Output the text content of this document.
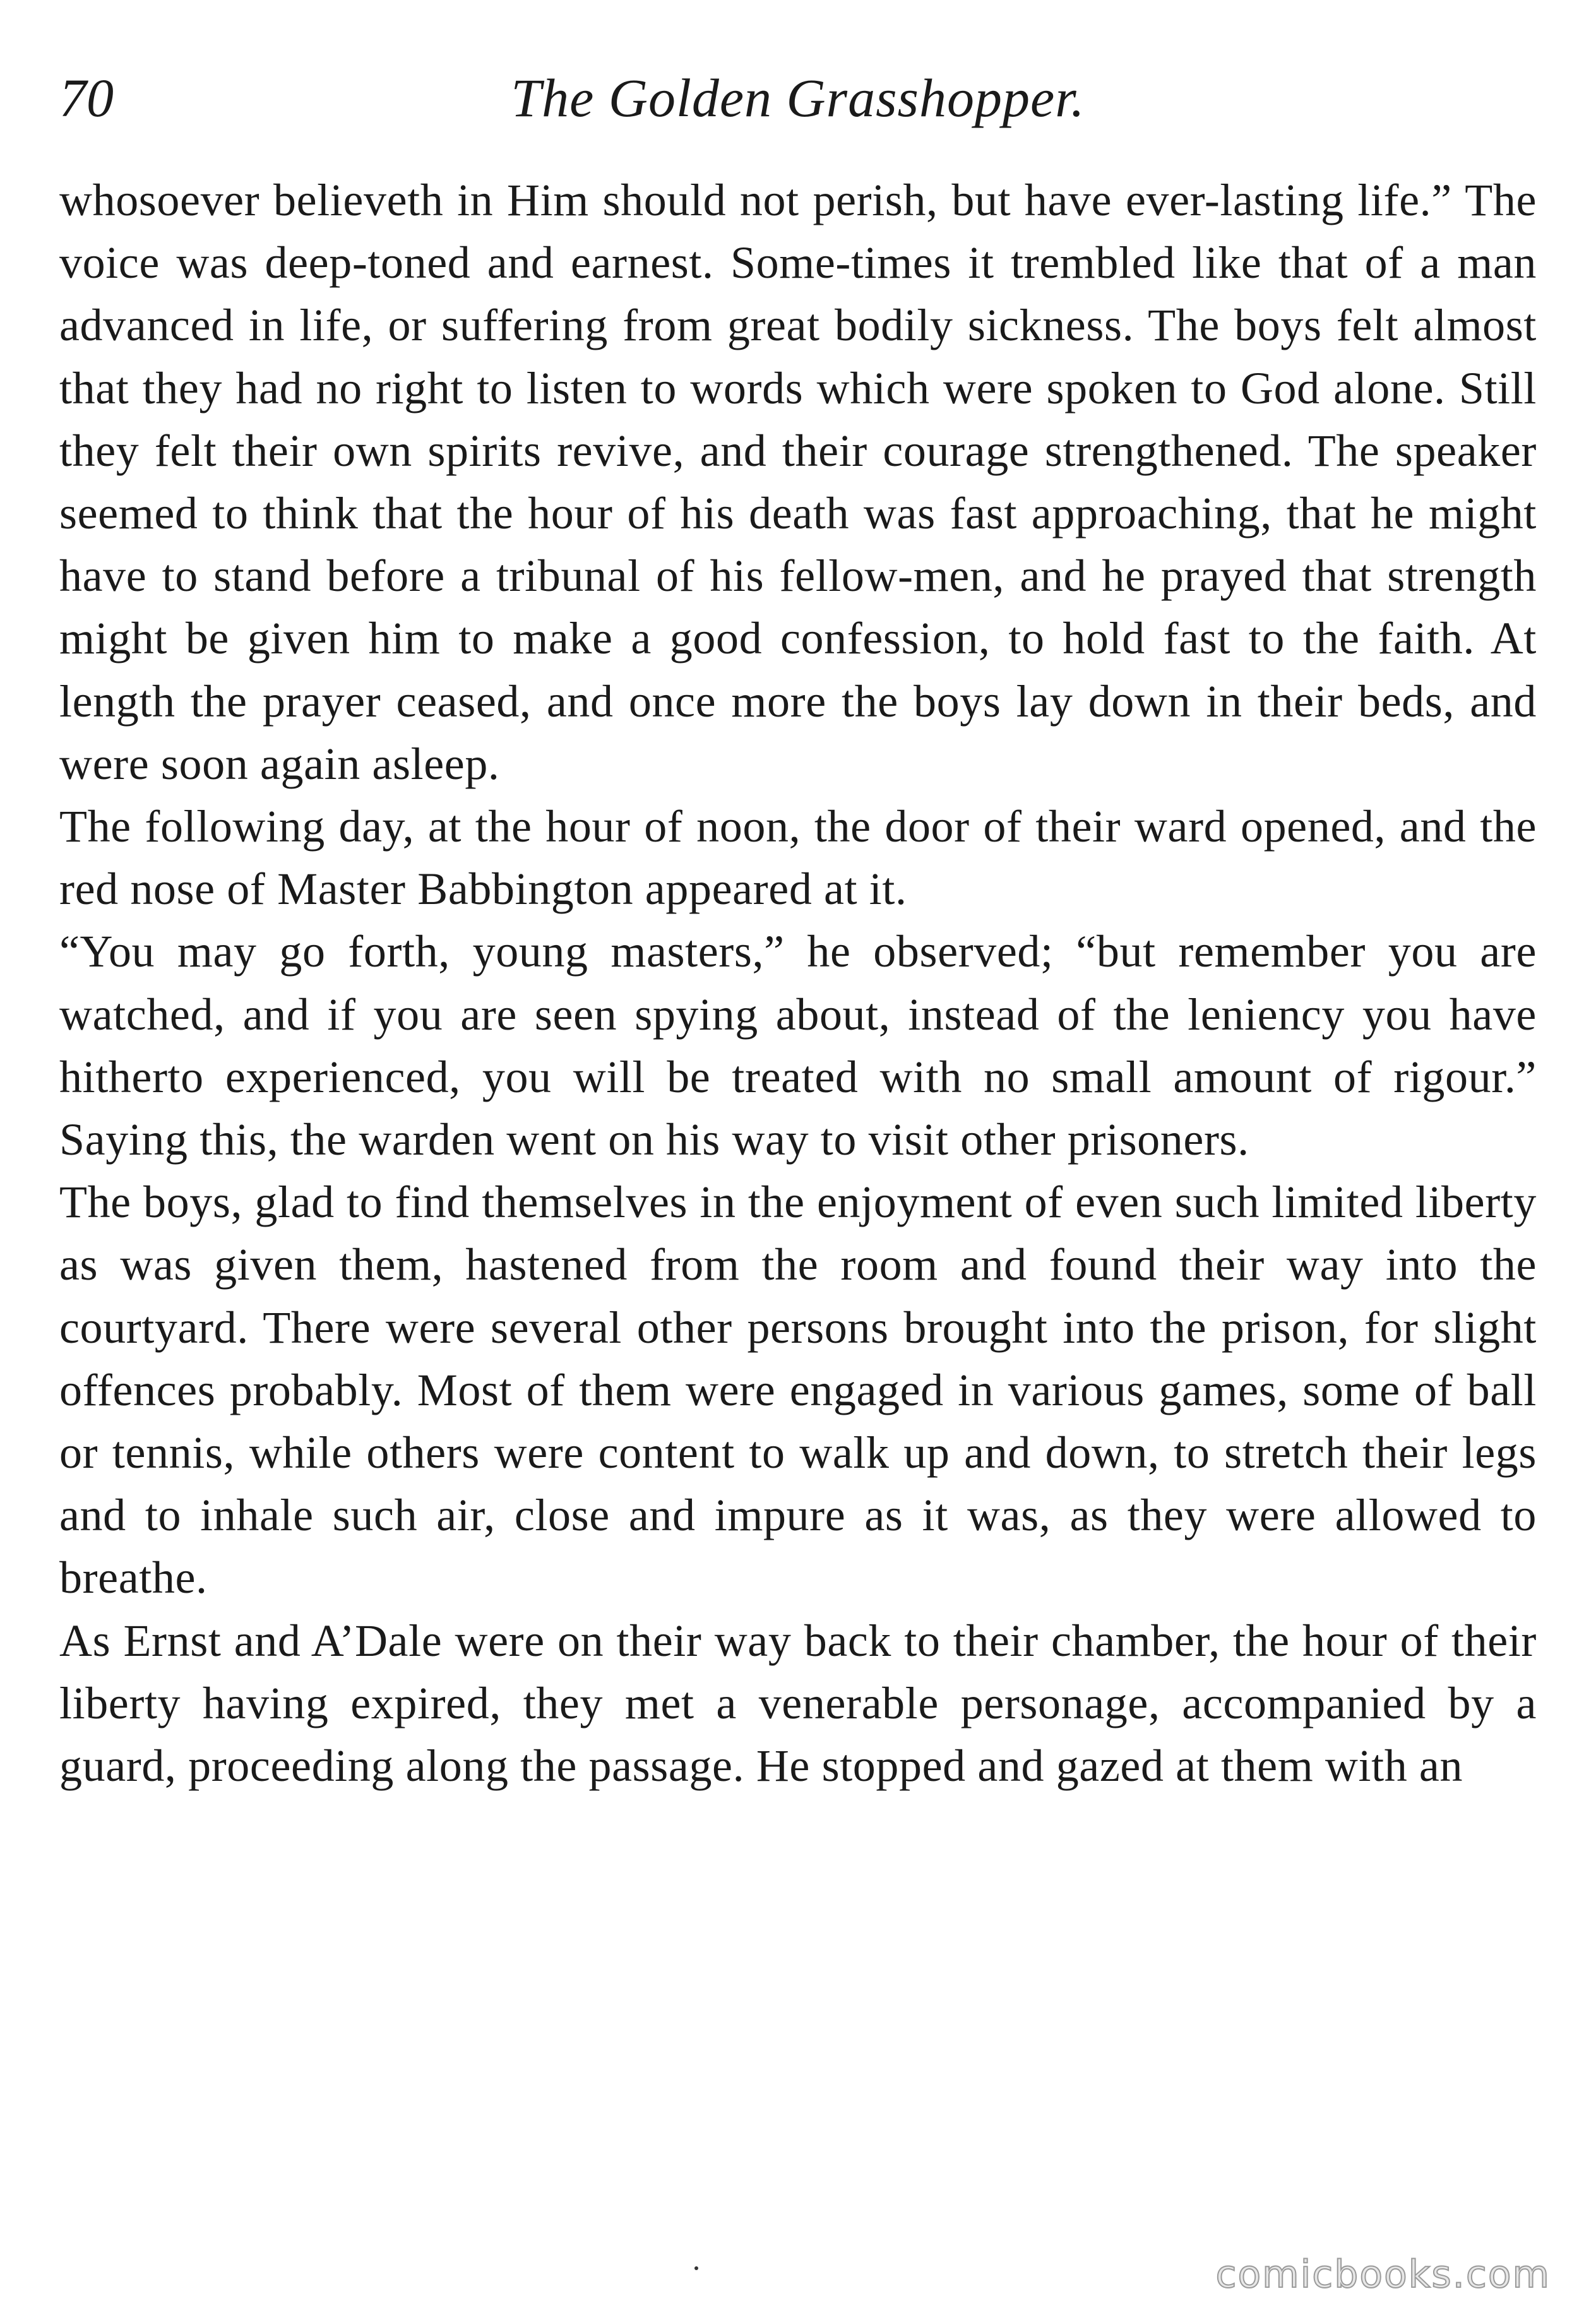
70	The Golden Grasshopper.

whosoever believeth in Him should not perish, but have ever-lasting life.” The voice was deep-toned and earnest. Some-times it trembled like that of a man advanced in life, or suffering from great bodily sickness. The boys felt almost that they had no right to listen to words which were spoken to God alone. Still they felt their own spirits revive, and their courage strengthened. The speaker seemed to think that the hour of his death was fast approaching, that he might have to stand before a tribunal of his fellow-men, and he prayed that strength might be given him to make a good confession, to hold fast to the faith. At length the prayer ceased, and once more the boys lay down in their beds, and were soon again asleep.

The following day, at the hour of noon, the door of their ward opened, and the red nose of Master Babbington appeared at it.

“You may go forth, young masters,” he observed; “but remember you are watched, and if you are seen spying about, instead of the leniency you have hitherto experienced, you will be treated with no small amount of rigour.” Saying this, the warden went on his way to visit other prisoners.

The boys, glad to find themselves in the enjoyment of even such limited liberty as was given them, hastened from the room and found their way into the courtyard. There were several other persons brought into the prison, for slight offences probably. Most of them were engaged in various games, some of ball or tennis, while others were content to walk up and down, to stretch their legs and to inhale such air, close and impure as it was, as they were allowed to breathe.

As Ernst and A’Dale were on their way back to their chamber, the hour of their liberty having expired, they met a venerable personage, accompanied by a guard, proceeding along the passage. He stopped and gazed at them with an

comicbooks.com
